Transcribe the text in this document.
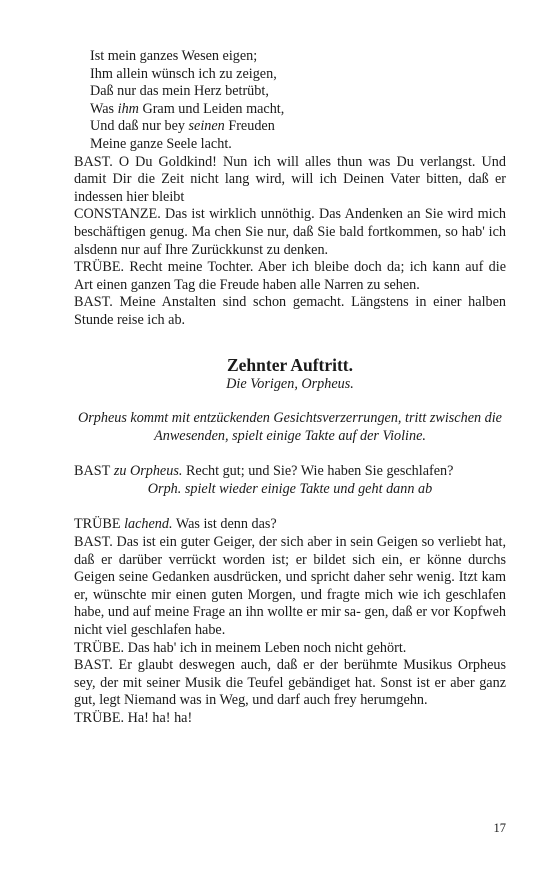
Ist mein ganzes Wesen eigen;
Ihm allein wünsch ich zu zeigen,
Daß nur das mein Herz betrübt,
Was ihm Gram und Leiden macht,
Und daß nur bey seinen Freuden
Meine ganze Seele lacht.

BAST. O Du Goldkind! Nun ich will alles thun was Du verlangst. Und damit Dir die Zeit nicht lang wird, will ich Deinen Vater bitten, daß er indessen hier bleibt

CONSTANZE. Das ist wirklich unnöthig. Das Andenken an Sie wird mich beschäftigen genug. Ma chen Sie nur, daß Sie bald fortkommen, so hab' ich alsdenn nur auf Ihre Zurückkunst zu denken.

TRÜBE. Recht meine Tochter. Aber ich bleibe doch da; ich kann auf die Art einen ganzen Tag die Freude haben alle Narren zu sehen.

BAST. Meine Anstalten sind schon gemacht. Längstens in einer halben Stunde reise ich ab.

Zehnter Auftritt.
Die Vorigen, Orpheus.
Orpheus kommt mit entzückenden Gesichtsverzerrungen, tritt zwischen die Anwesenden, spielt einige Takte auf der Violine.

BAST zu Orpheus. Recht gut; und Sie? Wie haben Sie geschlafen?

Orph. spielt wieder einige Takte und geht dann ab

TRÜBE lachend. Was ist denn das?

BAST. Das ist ein guter Geiger, der sich aber in sein Geigen so verliebt hat, daß er darüber verrückt worden ist; er bildet sich ein, er könne durchs Geigen seine Gedanken ausdrücken, und spricht daher sehr wenig. Itzt kam er, wünschte mir einen guten Morgen, und fragte mich wie ich geschlafen habe, und auf meine Frage an ihn wollte er mir sa- gen, daß er vor Kopfweh nicht viel geschlafen habe.

TRÜBE. Das hab' ich in meinem Leben noch nicht gehört.

BAST. Er glaubt deswegen auch, daß er der berühmte Musikus Orpheus sey, der mit seiner Musik die Teufel gebändiget hat. Sonst ist er aber ganz gut, legt Niemand was in Weg, und darf auch frey herumgehn.

TRÜBE. Ha! ha! ha!

17
